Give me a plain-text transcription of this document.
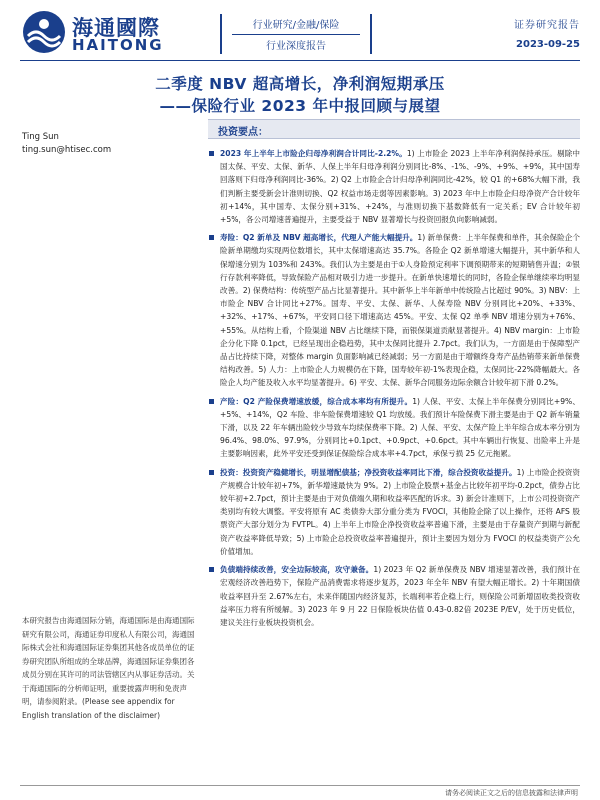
海通國際
HAITONG
行业研究/金融/保险
行业深度报告
证券研究报告
2023-09-25
二季度 NBV 超高增长，净利润短期承压
——保险行业 2023 年中报回顾与展望
Ting Sun
ting.sun@htisec.com
投资要点：
2023 年上半年上市险企归母净利润合计同比-2.2%。1) 上市险企 2023 上半年净利润保持承压。剔除中国太保、平安、太保、新华、人保上半年归母净利润分别同比-8%、-1%、-9%、+9%、+9%，其中国寿回落则下归母净利润同比-36%。2) Q2 上市险企合计归母净利润同比-42%，较 Q1 的+68%大幅下滑，我们判断主要受新会计准则切换、Q2 权益市场走弱等因素影响。3) 2023 年中上市险企归母净资产合计较年初+14%，其中国寿、太保分别+31%、+24%，与准则切换下基数降低有一定关系；EV 合计较年初+5%，各公司增速普遍提升，主要受益于 NBV 显著增长与投资回报负向影响减弱。
寿险：Q2 新单及 NBV 超高增长，代理人产能大幅提升。1) 新单保费：上半年保费和单件，其余保险企个险新单期缴均实现两位数增长，其中太保增速高达 35.7%。各险企 Q2 新单增速大幅提升，其中新华和人保增速分别为 103%和 243%。我们认为主要是由于①人身险预定利率下调预期带来的短期销售升温；②银行存款利率降低，导致保险产品相对吸引力进一步提升。在新单快速增长的同时，各险企保单继续率均明显改善。2) 保费结构：传统型产品占比显著提升。其中新华上半年新单中传统险占比超过 90%。3) NBV：上市险企 NBV 合计同比+27%。国寿、平安、太保、新华、人保寿险 NBV 分别同比+20%、+33%、+32%、+17%、+67%，平安同口径下增速高达 45%。平安、太保 Q2 单季 NBV 增速分别为+76%、+55%。从结构上看，个险渠道 NBV 占比继续下降，而银保渠道贡献显著提升。4) NBV margin：上市险企分化下降 0.1pct，已经呈现出企稳趋势，其中太保同比提升 2.7pct。我们认为，一方面是由于保障型产品占比持续下降，对整体 margin 负面影响减已经减弱；另一方面是由于增额终身寿产品热销带来新单保费结构改善。5) 人力：上市险企人力规模仍在下降，国寿较年初-1%表现企稳，太保同比-22%降幅最大。各险企人均产能及收入水平均显著提升。6) 平安、太保、新华合同服务边际余额合计较年初下滑 0.2%。
产险：Q2 产险保费增速放缓，综合成本率均有所提升。1) 人保、平安、太保上半年保费分别同比+9%、+5%、+14%，Q2 车险、非车险保费增速较 Q1 均放缓。我们预计车险保费下滑主要是由于 Q2 新车销量下滑，以及 22 年车辆出险较少导致车均续保费率下降。2) 人保、平安、太保产险上半年综合成本率分别为 96.4%、98.0%、97.9%，分别同比+0.1pct、+0.9pct、+0.6pct。其中车辆出行恢复、出险率上升是主要影响因素，此外平安还受到保证保险综合成本率+4.7pct，承保亏损 25 亿元拖累。
投资：投资资产稳健增长，明显增配债基；净投资收益率同比下滑，综合投资收益提升。1) 上市险企投资资产规模合计较年初+7%，新华增速最快为 9%。2) 上市险企股票+基金占比较年初平均-0.2pct，债券占比较年初+2.7pct，预计主要是由于对负债端久期和收益率匹配的诉求。3) 新会计准则下，上市公司投资资产类别均有较大调整。平安将原有 AC 类债券大部分重分类为 FVOCI，其他险企除了以上操作，还将 AFS 股票资产大部分划分为 FVTPL。4) 上半年上市险企净投资收益率普遍下滑，主要是由于存量资产到期与新配资产收益率降低导致；5) 上市险企总投资收益率普遍提升，预计主要因为划分为 FVOCI 的权益类资产公允价值增加。
负债端持续改善，安全边际较高，攻守兼备。1) 2023 年 Q2 新单保费及 NBV 增速显著改善，我们预计在宏观经济改善趋势下，保险产品消费需求将逐步复苏，2023 年全年 NBV 有望大幅正增长。2) 十年期国债收益率回升至 2.67%左右，未来伴随国内经济复苏，长端利率若企稳上行，则保险公司新增固收类投资收益率压力将有所缓解。3) 2023 年 9 月 22 日保险板块估值 0.43-0.82倍 2023E P/EV，处于历史低位，建议关注行业板块投资机会。
本研究报告由海通国际分销，海通国际是由海通国际研究有限公司，海通证券印度私人有限公司，海通国际株式会社和海通国际证券集团其他各成员单位的证券研究团队所组成的全球品牌，海通国际证券集团各成员分别在其许可的司法管辖区内从事证券活动。关于海通国际的分析师证明，重要披露声明和免责声明，请参阅附录。(Please see appendix for English translation of the disclaimer)
请务必阅读正文之后的信息披露和法律声明
